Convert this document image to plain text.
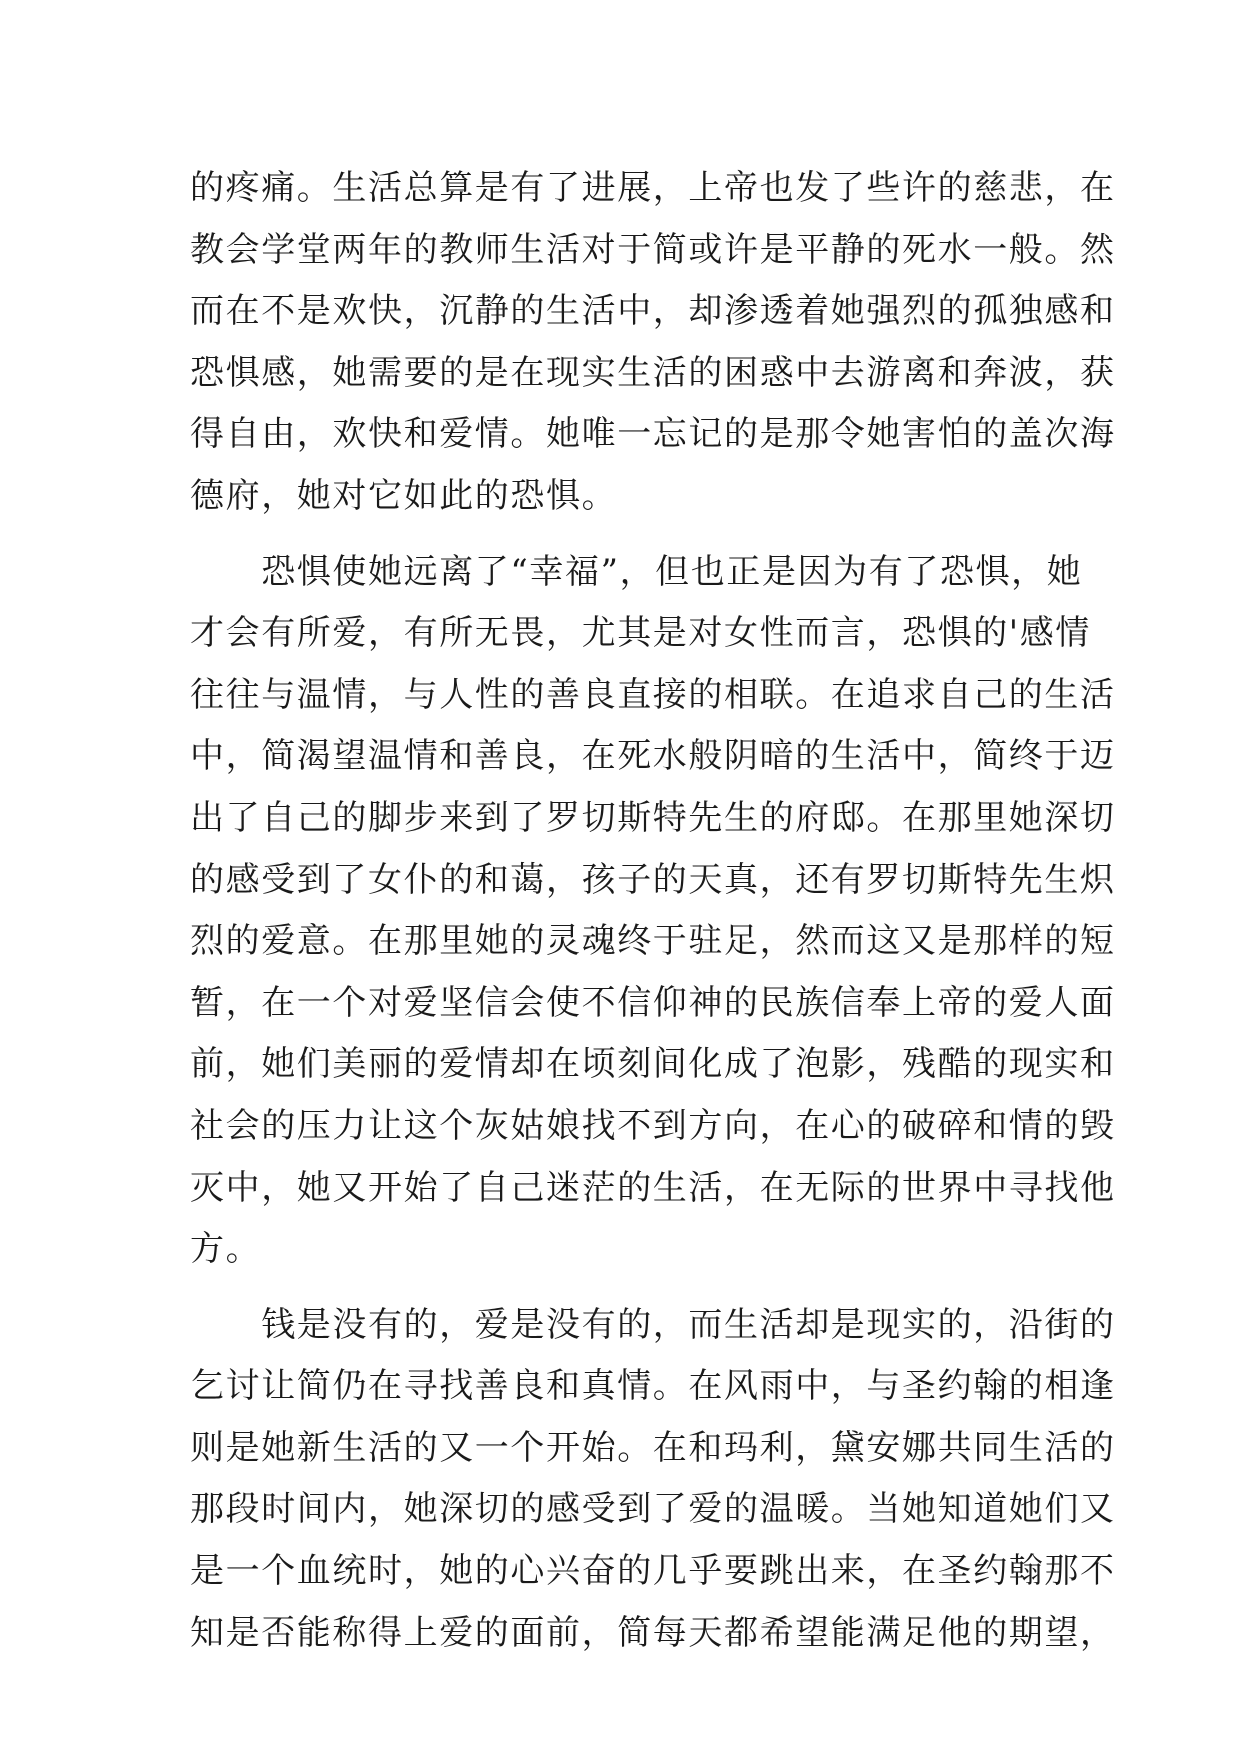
的疼痛。生活总算是有了进展，上帝也发了些许的慈悲，在
教会学堂两年的教师生活对于简或许是平静的死水一般。然
而在不是欢快，沉静的生活中，却渗透着她强烈的孤独感和
恐惧感，她需要的是在现实生活的困惑中去游离和奔波，获
得自由，欢快和爱情。她唯一忘记的是那令她害怕的盖次海
德府，她对它如此的恐惧。
　　恐惧使她远离了“幸福”，但也正是因为有了恐惧，她
才会有所爱，有所无畏，尤其是对女性而言，恐惧的'感情
往往与温情，与人性的善良直接的相联。在追求自己的生活
中，简渴望温情和善良，在死水般阴暗的生活中，简终于迈
出了自己的脚步来到了罗切斯特先生的府邸。在那里她深切
的感受到了女仆的和蔼，孩子的天真，还有罗切斯特先生炽
烈的爱意。在那里她的灵魂终于驻足，然而这又是那样的短
暂，在一个对爱坚信会使不信仰神的民族信奉上帝的爱人面
前，她们美丽的爱情却在顷刻间化成了泡影，残酷的现实和
社会的压力让这个灰姑娘找不到方向，在心的破碎和情的毁
灭中，她又开始了自己迷茫的生活，在无际的世界中寻找他
方。
　　钱是没有的，爱是没有的，而生活却是现实的，沿街的
乞讨让简仍在寻找善良和真情。在风雨中，与圣约翰的相逢
则是她新生活的又一个开始。在和玛利，黛安娜共同生活的
那段时间内，她深切的感受到了爱的温暖。当她知道她们又
是一个血统时，她的心兴奋的几乎要跳出来，在圣约翰那不
知是否能称得上爱的面前，简每天都希望能满足他的期望，
